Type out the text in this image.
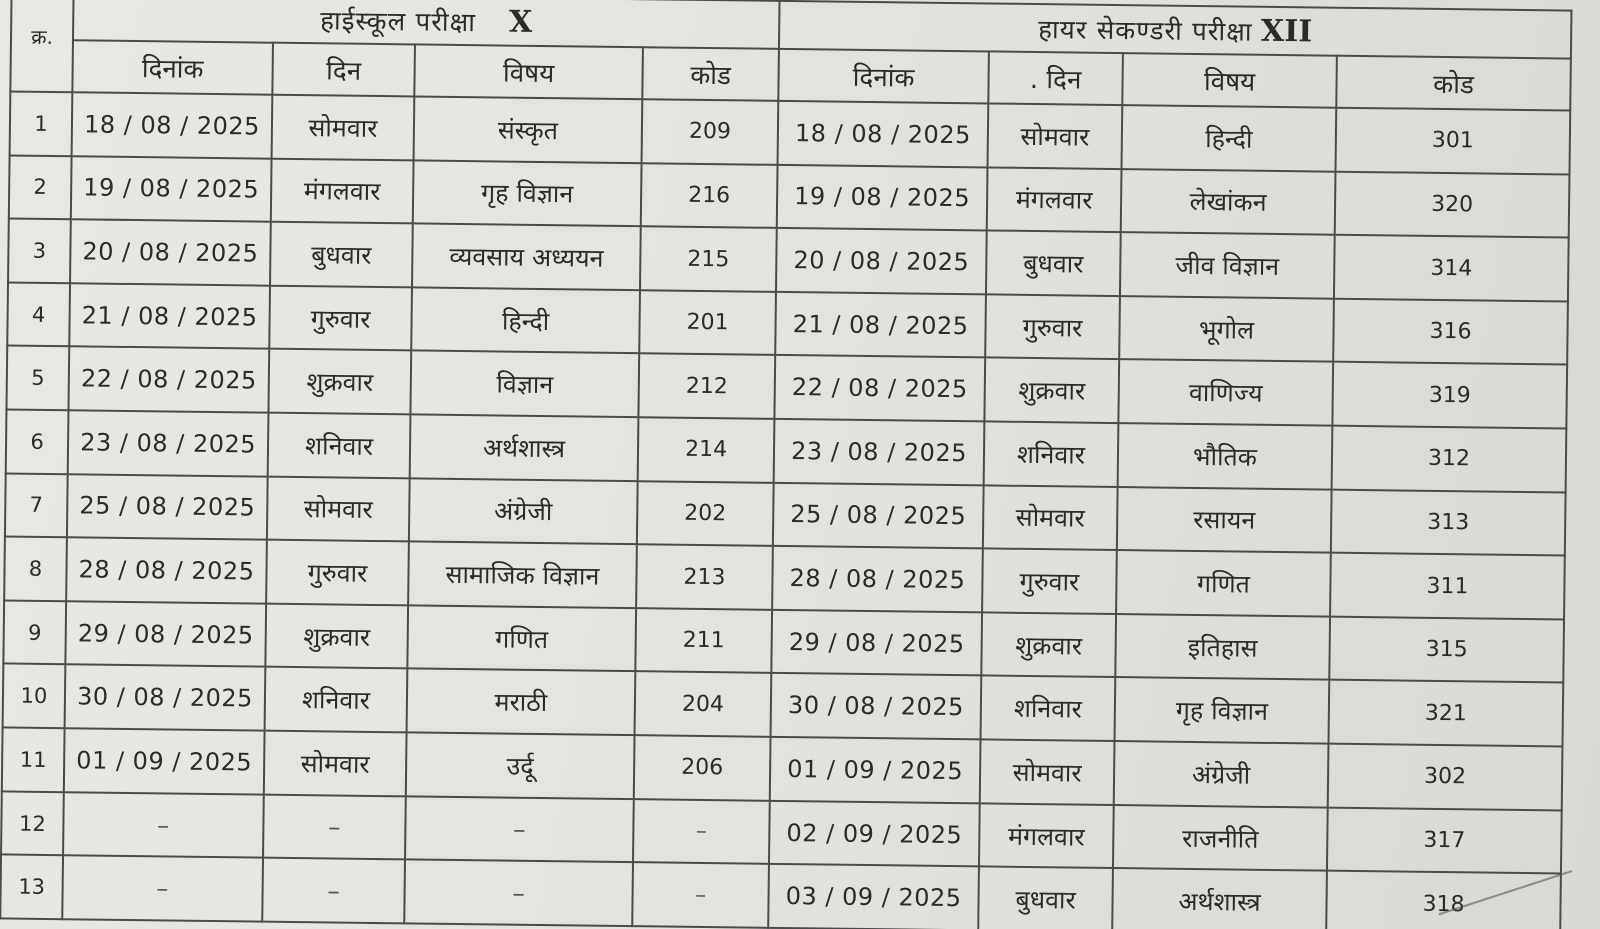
क्र.	हाईस्कूल परीक्षा X				हायर सेकण्डरी परीक्षा XII			
	दिनांक	दिन	विषय	कोड	दिनांक	. दिन	विषय	कोड
1	18 / 08 / 2025	सोमवार	संस्कृत	209	18 / 08 / 2025	सोमवार	हिन्दी	301
2	19 / 08 / 2025	मंगलवार	गृह विज्ञान	216	19 / 08 / 2025	मंगलवार	लेखांकन	320
3	20 / 08 / 2025	बुधवार	व्यवसाय अध्ययन	215	20 / 08 / 2025	बुधवार	जीव विज्ञान	314
4	21 / 08 / 2025	गुरुवार	हिन्दी	201	21 / 08 / 2025	गुरुवार	भूगोल	316
5	22 / 08 / 2025	शुक्रवार	विज्ञान	212	22 / 08 / 2025	शुक्रवार	वाणिज्य	319
6	23 / 08 / 2025	शनिवार	अर्थशास्त्र	214	23 / 08 / 2025	शनिवार	भौतिक	312
7	25 / 08 / 2025	सोमवार	अंग्रेजी	202	25 / 08 / 2025	सोमवार	रसायन	313
8	28 / 08 / 2025	गुरुवार	सामाजिक विज्ञान	213	28 / 08 / 2025	गुरुवार	गणित	311
9	29 / 08 / 2025	शुक्रवार	गणित	211	29 / 08 / 2025	शुक्रवार	इतिहास	315
10	30 / 08 / 2025	शनिवार	मराठी	204	30 / 08 / 2025	शनिवार	गृह विज्ञान	321
11	01 / 09 / 2025	सोमवार	उर्दू	206	01 / 09 / 2025	सोमवार	अंग्रेजी	302
12	–	–	–	–	02 / 09 / 2025	मंगलवार	राजनीति	317
13	–	–	–	–	03 / 09 / 2025	बुधवार	अर्थशास्त्र	318
